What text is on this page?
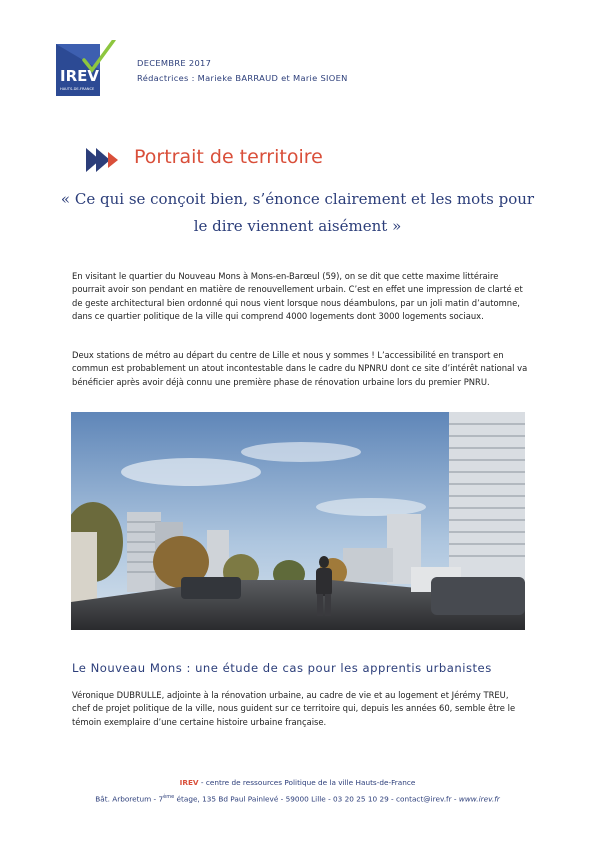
IREV
HAUTS-DE-FRANCE
DECEMBRE 2017
Rédactrices : Marieke BARRAUD et Marie SIOEN
Portrait de territoire
« Ce qui se conçoit bien, s’énonce clairement et les mots pour
le dire viennent aisément »
En visitant le quartier du Nouveau Mons à Mons-en-Barœul (59), on se dit que cette maxime littéraire pourrait avoir son pendant en matière de renouvellement urbain. C’est en effet une impression de clarté et de geste architectural bien ordonné qui nous vient lorsque nous déambulons, par un joli matin d’automne, dans ce quartier politique de la ville qui comprend 4000 logements dont 3000 logements sociaux.
Deux stations de métro au départ du centre de Lille et nous y sommes ! L’accessibilité en transport en commun est probablement un atout incontestable dans le cadre du NPNRU dont ce site d’intérêt national va bénéficier après avoir déjà connu une première phase de rénovation urbaine lors du premier PNRU.
Le Nouveau Mons : une étude de cas pour les apprentis urbanistes
Véronique DUBRULLE, adjointe à la rénovation urbaine, au cadre de vie et au logement et Jérémy TREU, chef de projet politique de la ville, nous guident sur ce territoire qui, depuis les années 60, semble être le témoin exemplaire d’une certaine histoire urbaine française.
IREV - centre de ressources Politique de la ville Hauts-de-France
Bât. Arboretum - 7ème étage, 135 Bd Paul Painlevé - 59000 Lille - 03 20 25 10 29 - contact@irev.fr - www.irev.fr
